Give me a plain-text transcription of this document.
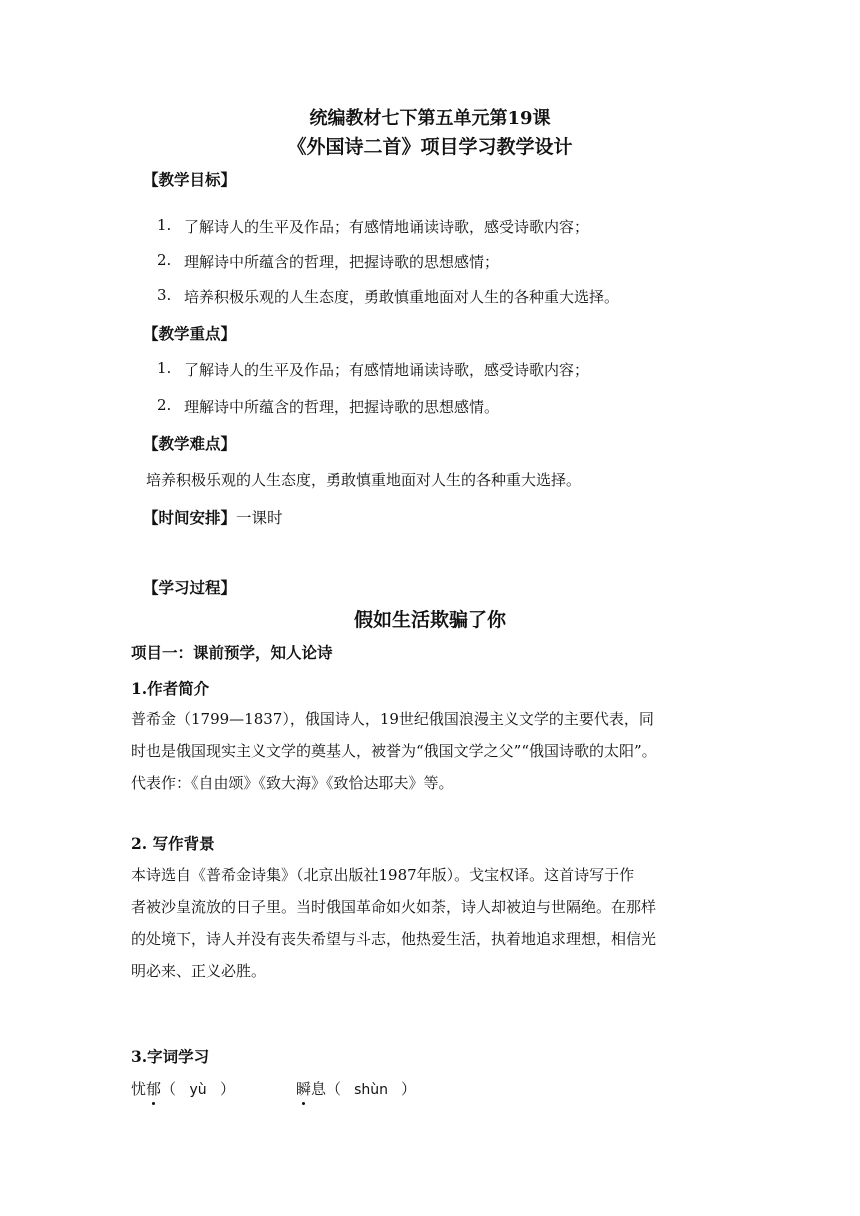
统编教材七下第五单元第19课
《外国诗二首》项目学习教学设计
【教学目标】
1. 了解诗人的生平及作品；有感情地诵读诗歌，感受诗歌内容；
2. 理解诗中所蕴含的哲理，把握诗歌的思想感情；
3. 培养积极乐观的人生态度，勇敢慎重地面对人生的各种重大选择。
【教学重点】
1. 了解诗人的生平及作品；有感情地诵读诗歌，感受诗歌内容；
2. 理解诗中所蕴含的哲理，把握诗歌的思想感情。
【教学难点】
培养积极乐观的人生态度，勇敢慎重地面对人生的各种重大选择。
【时间安排】一课时
【学习过程】
假如生活欺骗了你
项目一：课前预学，知人论诗
1.作者简介
普希金（1799—1837），俄国诗人，19世纪俄国浪漫主义文学的主要代表，同
时也是俄国现实主义文学的奠基人，被誉为“俄国文学之父”“俄国诗歌的太阳”。
代表作：《自由颂》《致大海》《致恰达耶夫》等。
2. 写作背景
本诗选自《普希金诗集》（北京出版社1987年版）。戈宝权译。这首诗写于作
者被沙皇流放的日子里。当时俄国革命如火如荼，诗人却被迫与世隔绝。在那样
的处境下，诗人并没有丧失希望与斗志，他热爱生活，执着地追求理想，相信光
明必来、正义必胜。
3.字词学习
忧郁（ yù ）	瞬息（ shùn ）
